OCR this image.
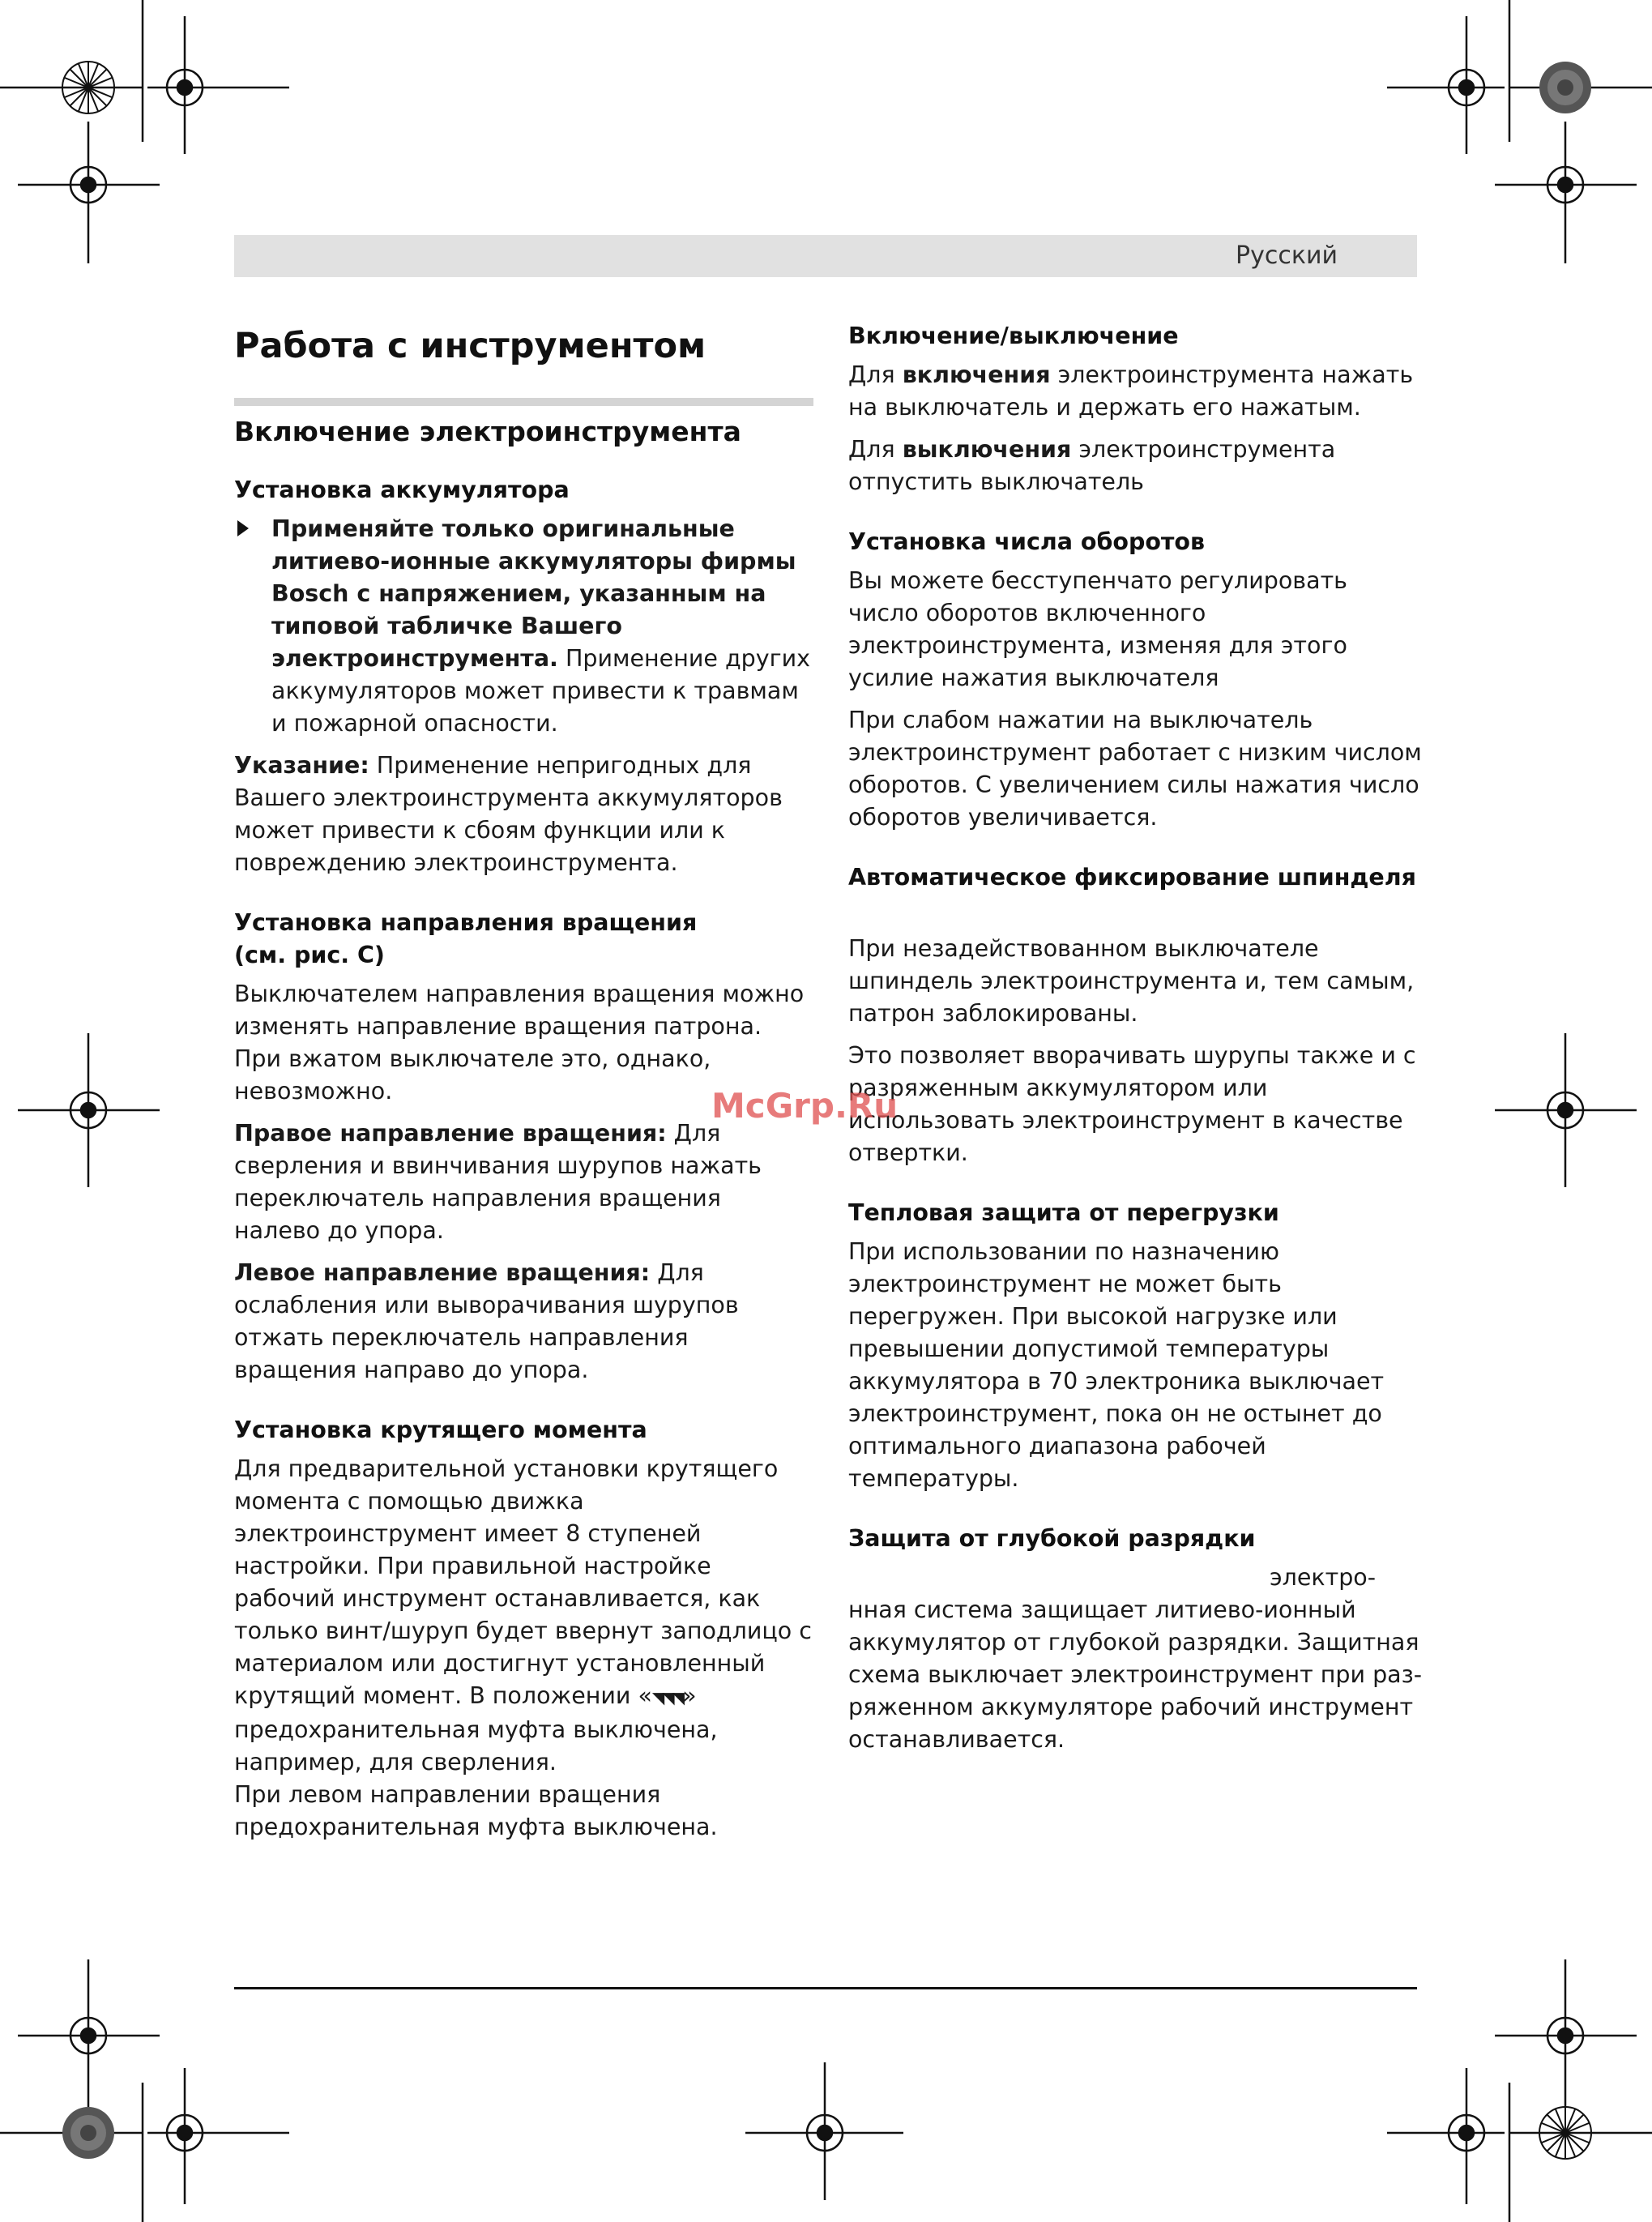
Русский
Работа с инструментом
Включение электроинструмента
Установка аккумулятора
Применяйте только оригинальные литиево-ионные аккумуляторы фирмы Bosch с напряжением, указанным на типовой табличке Вашего электроинструмента. Применение других аккумуляторов может привести к травмам и пожарной опасности.

Указание: Применение непригодных для Вашего электроинструмента аккумуляторов может привести к сбоям функции или к повреждению электроинструмента.

Установка направления вращения
(см. рис. С)

Выключателем направления вращения можно изменять направление вращения патрона. При вжатом выключателе это, однако, невозможно.

Правое направление вращения: Для сверления и ввинчивания шурупов нажать переключатель направления вращения налево до упора.

Левое направление вращения: Для ослабления или выворачивания шурупов отжать переключатель направления вращения направо до упора.

Установка крутящего момента

Для предварительной установки крутящего момента с помощью движка электроинструмент имеет 8 ступеней настройки. При правильной настройке рабочий инструмент останавливается, как только винт/шуруп будет ввернут заподлицо с материалом или достигнут установленный крутящий момент. В положении «◥◥◥» предохранительная муфта выключена, например, для сверления.

При левом направлении вращения предохранительная муфта выключена.

Включение/выключение

Для включения электроинструмента нажать на выключатель и держать его нажатым.

Для выключения электроинструмента отпустить выключатель

Установка числа оборотов

Вы можете бесступенчато регулировать число оборотов включенного электроинструмента, изменяя для этого усилие нажатия выключателя

При слабом нажатии на выключатель электроинструмент работает с низким числом оборотов. С увеличением силы нажатия число оборотов увеличивается.

Автоматическое фиксирование шпинделя

При незадействованном выключателе шпиндель электроинструмента и, тем самым, патрон заблокированы.

Это позволяет вворачивать шурупы также и с разряженным аккумулятором или использовать электроинструмент в качестве отвертки.

Тепловая защита от перегрузки

При использовании по назначению электроинструмент не может быть перегружен. При высокой нагрузке или превышении допустимой температуры аккумулятора в 70 электроника выключает электроинструмент, пока он не остынет до оптимального диапазона рабочей температуры.

Защита от глубокой разрядки

электронная система защищает литиево-ионный аккумулятор от глубокой разрядки. Защитная схема выключает электроинструмент при разряженном аккумуляторе рабочий инструмент останавливается.

McGrp.Ru
